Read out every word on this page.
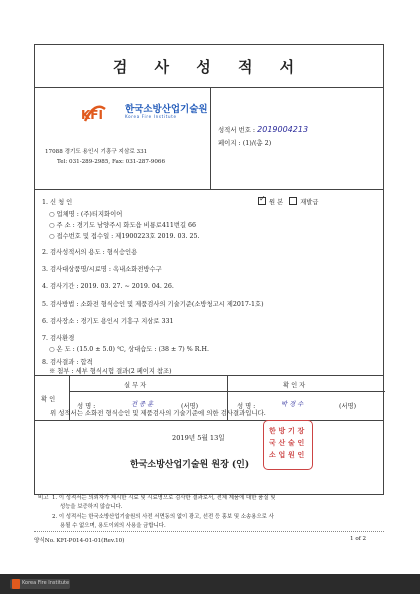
검 사 성 적 서
KFI 한국소방산업기술원
Korea Fire Institute
17088 경기도 용인시 기흥구 지삼로 331
Tel: 031-289-2985, Fax: 031-287-9066
성적서 번호 : 2019004213
페이지 : (1)/(총 2)
1. 신 청 인
✓	원 본	재발급
○ 업체명 : (주)티지화이어
○ 주 소 : 경기도 남양주시 화도읍 비룡로411번길 66
○ 접수번호 및 접수일 : 제1900223호 2019. 03. 25.
2. 검사성적서의 용도 : 형식승인용
3. 검사대상품명/시료명 : 옥내소화전방수구
4. 검사기간 : 2019. 03. 27. ~ 2019. 04. 26.
5. 검사방법 : 소화전 형식승인 및 제품검사의 기술기준(소방청고시 제2017-1호)
6. 검사장소 : 경기도 용인시 기흥구 지삼로 331
7. 검사환경
○ 온 도 : (15.0 ± 5.0) ℃, 상대습도 : (38 ± 7) % R.H.
8. 검사결과 : 합격
확 인
실 무 자	확 인 자
성 명 :	전 종 훈	(서명)	성 명 :	박 경 수	(서명)
※ 첨부 : 세부 형식시험 결과(2 페이지 참조)
위 성적서는 소화전 형식승인 및 제품검사의 기술기준에 의한 검사결과입니다.
2019년 5월 13일
한국소방산업기술원 원장 (인)
한
국
소
방
산
업
기
술
원
장
인
인
비고 1. 이 성적서는 의뢰자가 제시한 시료 및 시료명으로 검사한 결과로서, 전체 제품에 대한 품질 및
성능을 보증하지 않습니다.
2. 이 성적서는 한국소방산업기술원의 사전 서면동의 없이 광고, 선전 등 홍보 및 소송용으로 사
용될 수 없으며, 용도이외의 사용을 금합니다.
양식No. KFI-P014-01-01(Rev.10)	1 of 2
Korea Fire Institute
